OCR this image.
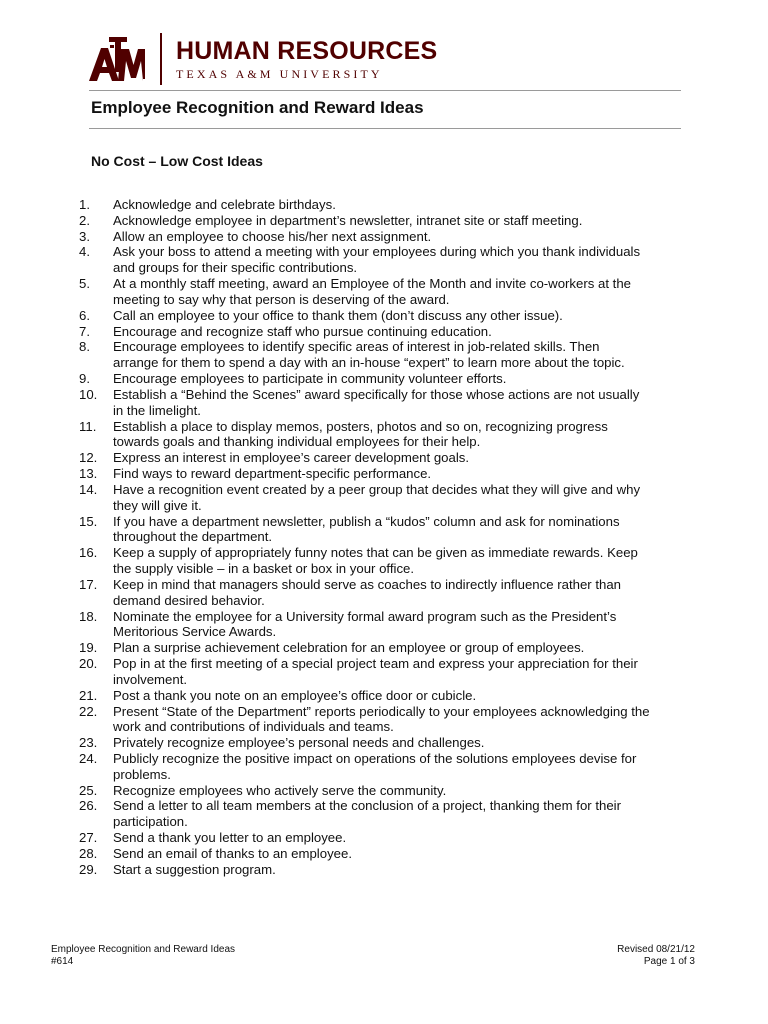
HUMAN RESOURCES
TEXAS A&M UNIVERSITY
Employee Recognition and Reward Ideas
No Cost – Low Cost Ideas
1.	Acknowledge and celebrate birthdays.
2.	Acknowledge employee in department’s newsletter, intranet site or staff meeting.
3.	Allow an employee to choose his/her next assignment.
4.	Ask your boss to attend a meeting with your employees during which you thank individuals
and groups for their specific contributions.
5.	At a monthly staff meeting, award an Employee of the Month and invite co-workers at the
meeting to say why that person is deserving of the award.
6.	Call an employee to your office to thank them (don’t discuss any other issue).
7.	Encourage and recognize staff who pursue continuing education.
8.	Encourage employees to identify specific areas of interest in job-related skills. Then
arrange for them to spend a day with an in-house “expert” to learn more about the topic.
9.	Encourage employees to participate in community volunteer efforts.
10.	Establish a “Behind the Scenes” award specifically for those whose actions are not usually
in the limelight.
11.	Establish a place to display memos, posters, photos and so on, recognizing progress
towards goals and thanking individual employees for their help.
12.	Express an interest in employee’s career development goals.
13.	Find ways to reward department-specific performance.
14.	Have a recognition event created by a peer group that decides what they will give and why
they will give it.
15.	If you have a department newsletter, publish a “kudos” column and ask for nominations
throughout the department.
16.	Keep a supply of appropriately funny notes that can be given as immediate rewards. Keep
the supply visible – in a basket or box in your office.
17.	Keep in mind that managers should serve as coaches to indirectly influence rather than
demand desired behavior.
18.	Nominate the employee for a University formal award program such as the President’s
Meritorious Service Awards.
19.	Plan a surprise achievement celebration for an employee or group of employees.
20.	Pop in at the first meeting of a special project team and express your appreciation for their
involvement.
21.	Post a thank you note on an employee’s office door or cubicle.
22.	Present “State of the Department” reports periodically to your employees acknowledging the
work and contributions of individuals and teams.
23.	Privately recognize employee’s personal needs and challenges.
24.	Publicly recognize the positive impact on operations of the solutions employees devise for
problems.
25.	Recognize employees who actively serve the community.
26.	Send a letter to all team members at the conclusion of a project, thanking them for their
participation.
27.	Send a thank you letter to an employee.
28.	Send an email of thanks to an employee.
29.	Start a suggestion program.
Employee Recognition and Reward Ideas
#614
Revised 08/21/12
Page 1 of 3
